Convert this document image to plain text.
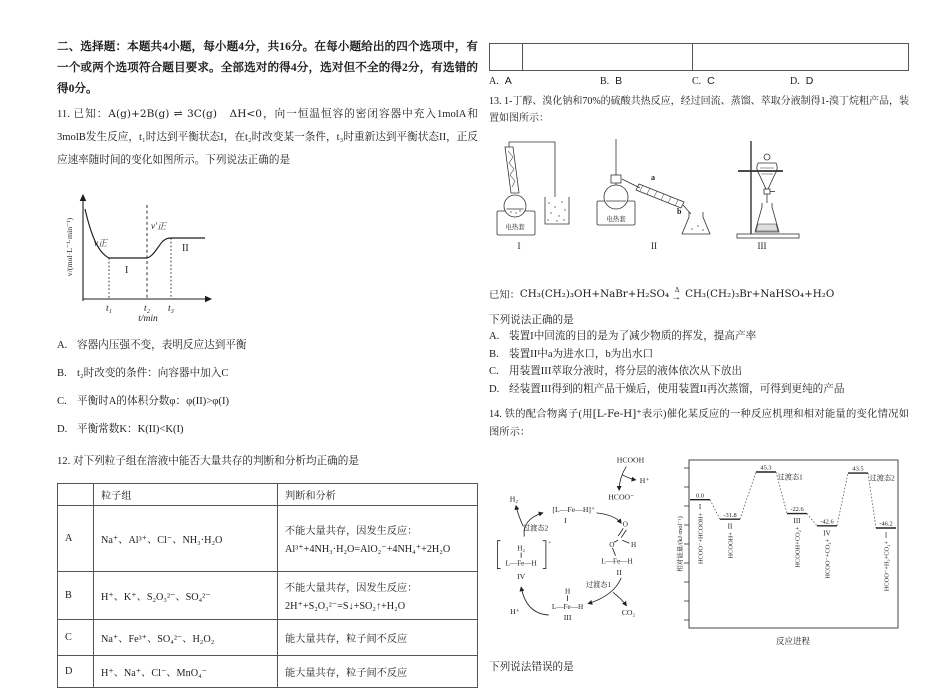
二、选择题：本题共4小题，每小题4分，共16分。在每小题给出的四个选项中，有一个或两个选项符合题目要求。全部选对的得4分，选对但不全的得2分，有选错的得0分。

11. 已知：A(g)+2B(g) ⇌ 3C(g)　ΔH<0，向一恒温恒容的密闭容器中充入1molA和3molB发生反应，t₁时达到平衡状态I，在t₂时改变某一条件，t₃时重新达到平衡状态II，正反应速率随时间的变化如图所示。下列说法正确的是

v正
I
v′正
II
t₁	t₂ t₃
t/min
v/(mol·L⁻¹·min⁻¹)
A. 容器内压强不变，表明反应达到平衡
B. t₂时改变的条件：向容器中加入C
C. 平衡时A的体积分数φ：φ(II)>φ(I)
D. 平衡常数K：K(II)<K(I)

12. 对下列粒子组在溶液中能否大量共存的判断和分析均正确的是

	粒子组	判断和分析
A	Na⁺、Al³⁺、Cl⁻、NH₃·H₂O	不能大量共存，因发生反应：
Al³⁺+4NH₃·H₂O=AlO₂⁻+4NH₄⁺+2H₂O

B	H⁺、K⁺、S₂O₃²⁻、SO₄²⁻	不能大量共存，因发生反应：
2H⁺+S₂O₃²⁻=S↓+SO₂↑+H₂O

C	Na⁺、Fe³⁺、SO₄²⁻、H₂O₂	能大量共存，粒子间不反应
D	H⁺、Na⁺、Cl⁻、MnO₄⁻	能大量共存，粒子间不反应

A. A	B. B	C. C	D. D

13. 1-丁醇、溴化钠和70%的硫酸共热反应，经过回流、蒸馏、萃取分液制得1-溴丁烷粗产品，装置如图所示：

电热套
电热套
a
b
I	II	III
已知： CH₃(CH₂)₃OH+NaBr+H₂SO₄ Δ
→ CH₃(CH₂)₃Br+NaHSO₄+H₂O
下列说法正确的是
A. 装置I中回流的目的是为了减少物质的挥发，提高产率
B. 装置II中a为进水口，b为出水口
C. 用装置III萃取分液时，将分层的液体依次从下放出
D. 经装置III得到的粗产品干燥后，使用装置II再次蒸馏，可得到更纯的产品

14. 铁的配合物离子(用[L-Fe-H]⁺表示)催化某反应的一种反应机理和相对能量的变化情况如图所示：

HCOOH
H⁺
HCOO⁻
[L—Fe—H]⁺
I
H₂
过渡态2
H₂
L—Fe—H
+
IV
H⁺
H
L—Fe—H
III
过渡态1
CO₂
O
O H
L—Fe—H
II
相对能量/(kJ·mol⁻¹)
反应进程
0.0
I
HCOO⁻+HCOOH+	-31.8
II
HCOOH+
45.3
过渡态1
-22.6
III
HCOOH+CO₂+
-42.6
IV
HCOO⁻+CO₂+
43.5
过渡态2
-46.2
I
HCOO⁻+H₂+CO₂+
下列说法错误的是
